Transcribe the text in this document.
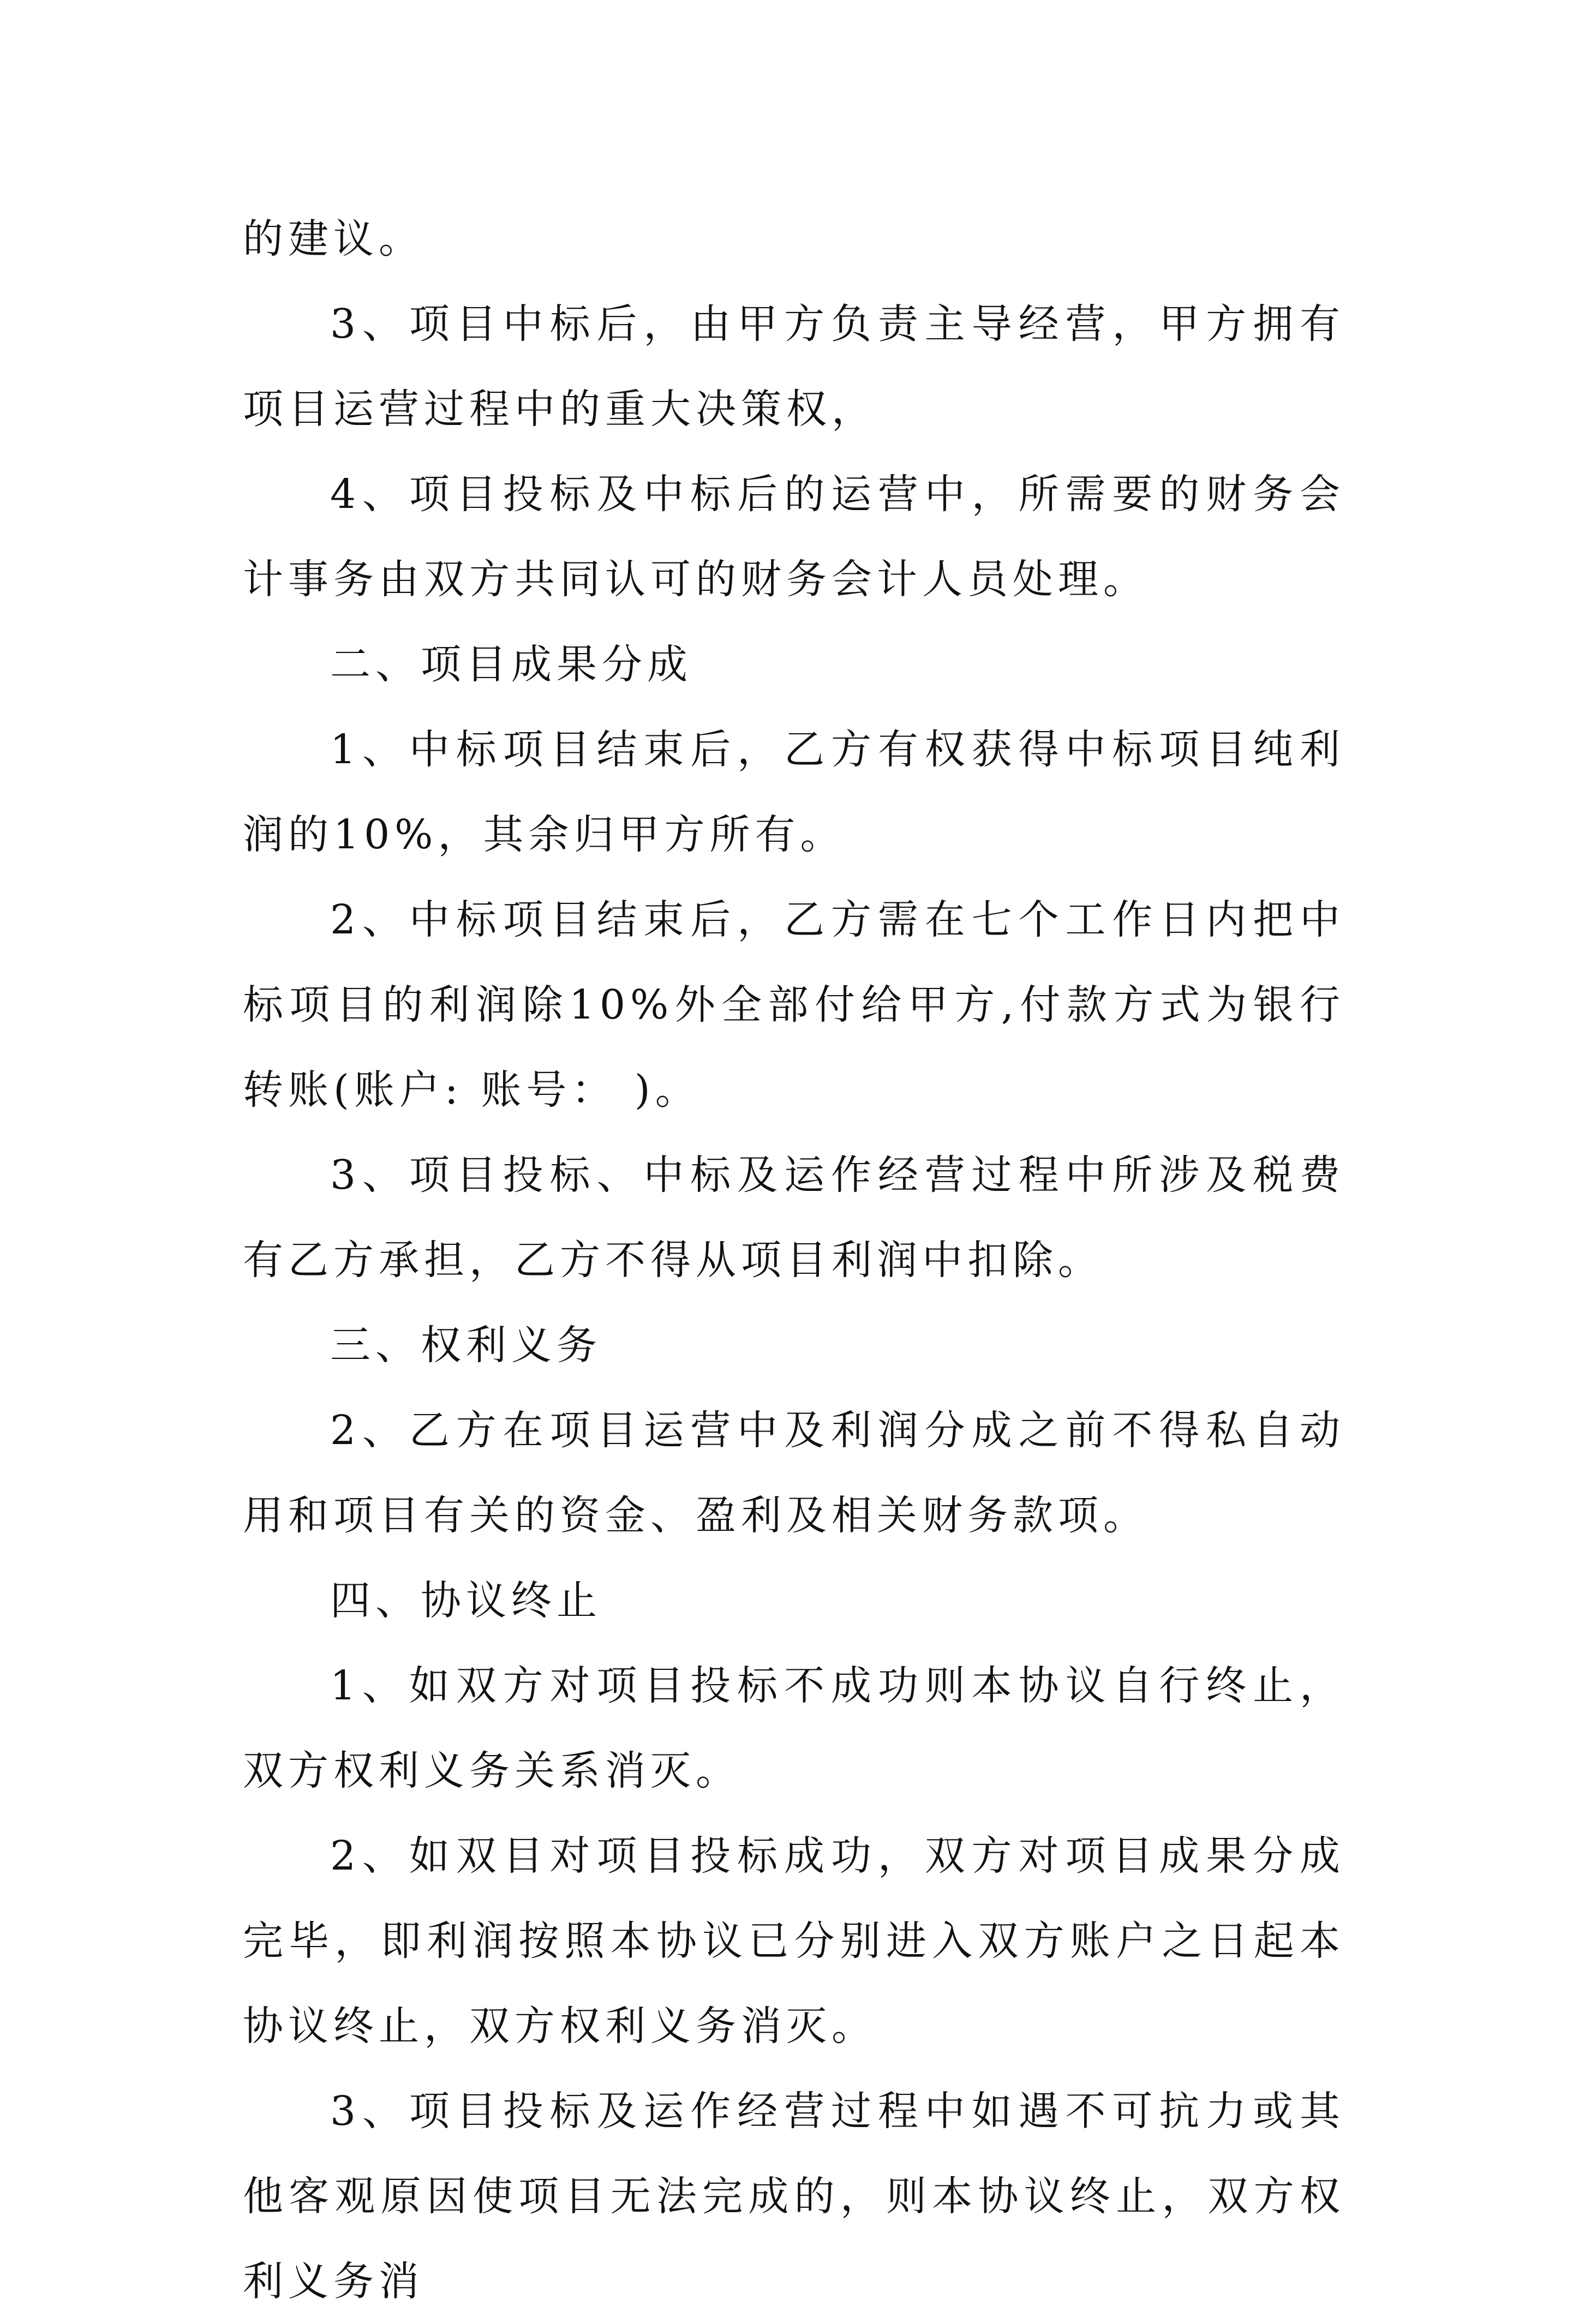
的建议。

3、项目中标后，由甲方负责主导经营，甲方拥有项目运营过程中的重大决策权，

4、项目投标及中标后的运营中，所需要的财务会计事务由双方共同认可的财务会计人员处理。

二、项目成果分成

1、中标项目结束后，乙方有权获得中标项目纯利润的10%，其余归甲方所有。

2、中标项目结束后，乙方需在七个工作日内把中标项目的利润除10%外全部付给甲方,付款方式为银行转账(账户: 账号： )。

3、项目投标、中标及运作经营过程中所涉及税费有乙方承担，乙方不得从项目利润中扣除。

三、权利义务

2、乙方在项目运营中及利润分成之前不得私自动用和项目有关的资金、盈利及相关财务款项。

四、协议终止

1、如双方对项目投标不成功则本协议自行终止，双方权利义务关系消灭。

2、如双目对项目投标成功，双方对项目成果分成完毕，即利润按照本协议已分别进入双方账户之日起本协议终止，双方权利义务消灭。

3、项目投标及运作经营过程中如遇不可抗力或其他客观原因使项目无法完成的，则本协议终止，双方权利义务消
